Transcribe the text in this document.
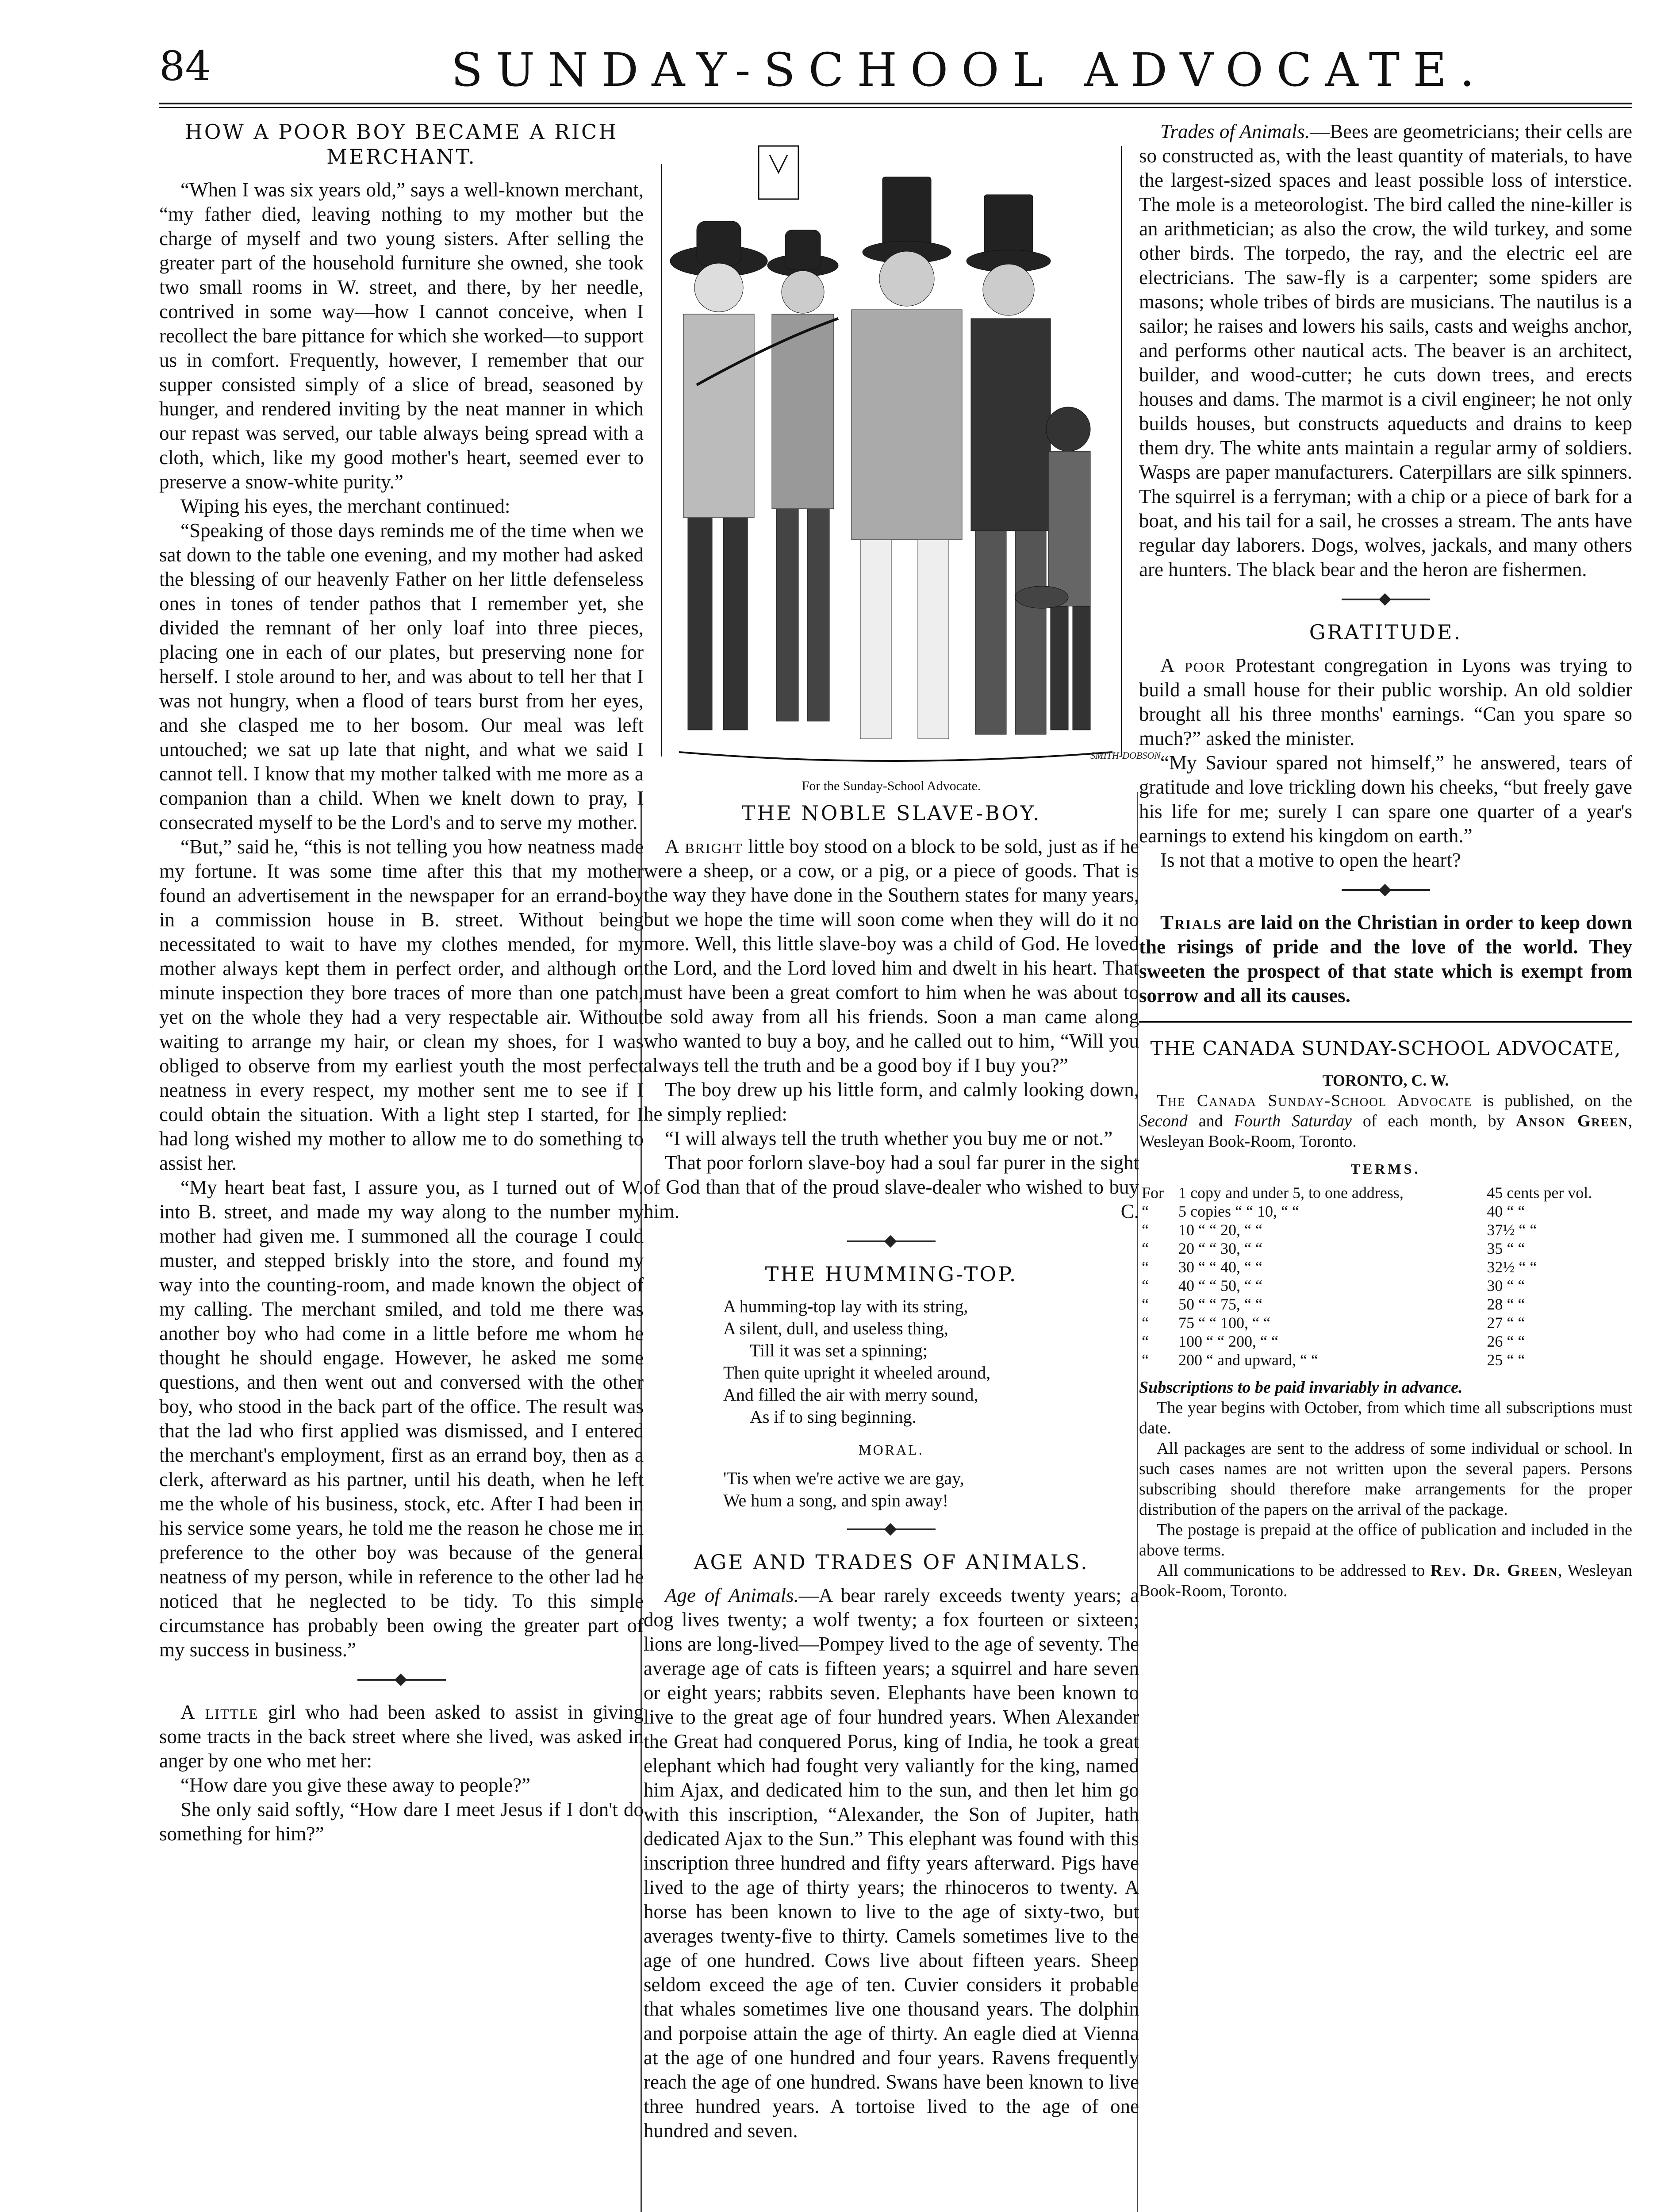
84	SUNDAY-SCHOOL ADVOCATE.
HOW A POOR BOY BECAME A RICH MERCHANT.

“When I was six years old,” says a well-known merchant, “my father died, leaving nothing to my mother but the charge of myself and two young sisters. After selling the greater part of the household furniture she owned, she took two small rooms in W. street, and there, by her needle, contrived in some way—how I cannot conceive, when I recollect the bare pittance for which she worked—to support us in comfort. Frequently, however, I remember that our supper consisted simply of a slice of bread, seasoned by hunger, and rendered inviting by the neat manner in which our repast was served, our table always being spread with a cloth, which, like my good mother's heart, seemed ever to preserve a snow-white purity.”

Wiping his eyes, the merchant continued:

“Speaking of those days reminds me of the time when we sat down to the table one evening, and my mother had asked the blessing of our heavenly Father on her little defenseless ones in tones of tender pathos that I remember yet, she divided the remnant of her only loaf into three pieces, placing one in each of our plates, but preserving none for herself. I stole around to her, and was about to tell her that I was not hungry, when a flood of tears burst from her eyes, and she clasped me to her bosom. Our meal was left untouched; we sat up late that night, and what we said I cannot tell. I know that my mother talked with me more as a companion than a child. When we knelt down to pray, I consecrated myself to be the Lord's and to serve my mother.

“But,” said he, “this is not telling you how neatness made my fortune. It was some time after this that my mother found an advertisement in the newspaper for an errand-boy in a commission house in B. street. Without being necessitated to wait to have my clothes mended, for my mother always kept them in perfect order, and although on minute inspection they bore traces of more than one patch, yet on the whole they had a very respectable air. Without waiting to arrange my hair, or clean my shoes, for I was obliged to observe from my earliest youth the most perfect neatness in every respect, my mother sent me to see if I could obtain the situation. With a light step I started, for I had long wished my mother to allow me to do something to assist her.

“My heart beat fast, I assure you, as I turned out of W. into B. street, and made my way along to the number my mother had given me. I summoned all the courage I could muster, and stepped briskly into the store, and found my way into the counting-room, and made known the object of my calling. The merchant smiled, and told me there was another boy who had come in a little before me whom he thought he should engage. However, he asked me some questions, and then went out and conversed with the other boy, who stood in the back part of the office. The result was that the lad who first applied was dismissed, and I entered the merchant's employment, first as an errand boy, then as a clerk, afterward as his partner, until his death, when he left me the whole of his business, stock, etc. After I had been in his service some years, he told me the reason he chose me in preference to the other boy was because of the general neatness of my person, while in reference to the other lad he noticed that he neglected to be tidy. To this simple circumstance has probably been owing the greater part of my success in business.”

A little girl who had been asked to assist in giving some tracts in the back street where she lived, was asked in anger by one who met her:

“How dare you give these away to people?”

She only said softly, “How dare I meet Jesus if I don't do something for him?”

SMITH-DOBSON
For the Sunday-School Advocate.
THE NOBLE SLAVE-BOY.

A bright little boy stood on a block to be sold, just as if he were a sheep, or a cow, or a pig, or a piece of goods. That is the way they have done in the Southern states for many years, but we hope the time will soon come when they will do it no more. Well, this little slave-boy was a child of God. He loved the Lord, and the Lord loved him and dwelt in his heart. That must have been a great comfort to him when he was about to be sold away from all his friends. Soon a man came along who wanted to buy a boy, and he called out to him, “Will you always tell the truth and be a good boy if I buy you?”

The boy drew up his little form, and calmly looking down, he simply replied:

“I will always tell the truth whether you buy me or not.”

That poor forlorn slave-boy had a soul far purer in the sight of God than that of the proud slave-dealer who wished to buy him.	C.

THE HUMMING-TOP.
A humming-top lay with its string,
A silent, dull, and useless thing,
Till it was set a spinning;
Then quite upright it wheeled around,
And filled the air with merry sound,
As if to sing beginning.
MORAL.
'Tis when we're active we are gay,
We hum a song, and spin away!
AGE AND TRADES OF ANIMALS.

Age of Animals.—A bear rarely exceeds twenty years; a dog lives twenty; a wolf twenty; a fox fourteen or sixteen; lions are long-lived—Pompey lived to the age of seventy. The average age of cats is fifteen years; a squirrel and hare seven or eight years; rabbits seven. Elephants have been known to live to the great age of four hundred years. When Alexander the Great had conquered Porus, king of India, he took a great elephant which had fought very valiantly for the king, named him Ajax, and dedicated him to the sun, and then let him go with this inscription, “Alexander, the Son of Jupiter, hath dedicated Ajax to the Sun.” This elephant was found with this inscription three hundred and fifty years afterward. Pigs have lived to the age of thirty years; the rhinoceros to twenty. A horse has been known to live to the age of sixty-two, but averages twenty-five to thirty. Camels sometimes live to the age of one hundred. Cows live about fifteen years. Sheep seldom exceed the age of ten. Cuvier considers it probable that whales sometimes live one thousand years. The dolphin and porpoise attain the age of thirty. An eagle died at Vienna at the age of one hundred and four years. Ravens frequently reach the age of one hundred. Swans have been known to live three hundred years. A tortoise lived to the age of one hundred and seven.

Trades of Animals.—Bees are geometricians; their cells are so constructed as, with the least quantity of materials, to have the largest-sized spaces and least possible loss of interstice. The mole is a meteorologist. The bird called the nine-killer is an arithmetician; as also the crow, the wild turkey, and some other birds. The torpedo, the ray, and the electric eel are electricians. The saw-fly is a carpenter; some spiders are masons; whole tribes of birds are musicians. The nautilus is a sailor; he raises and lowers his sails, casts and weighs anchor, and performs other nautical acts. The beaver is an architect, builder, and wood-cutter; he cuts down trees, and erects houses and dams. The marmot is a civil engineer; he not only builds houses, but constructs aqueducts and drains to keep them dry. The white ants maintain a regular army of soldiers. Wasps are paper manufacturers. Caterpillars are silk spinners. The squirrel is a ferryman; with a chip or a piece of bark for a boat, and his tail for a sail, he crosses a stream. The ants have regular day laborers. Dogs, wolves, jackals, and many others are hunters. The black bear and the heron are fishermen.

GRATITUDE.

A poor Protestant congregation in Lyons was trying to build a small house for their public worship. An old soldier brought all his three months' earnings. “Can you spare so much?” asked the minister.

“My Saviour spared not himself,” he answered, tears of gratitude and love trickling down his cheeks, “but freely gave his life for me; surely I can spare one quarter of a year's earnings to extend his kingdom on earth.”

Is not that a motive to open the heart?

Trials are laid on the Christian in order to keep down the risings of pride and the love of the world. They sweeten the prospect of that state which is exempt from sorrow and all its causes.

THE CANADA SUNDAY-SCHOOL ADVOCATE,
TORONTO, C. W.

The Canada Sunday-School Advocate is published, on the Second and Fourth Saturday of each month, by Anson Green, Wesleyan Book-Room, Toronto.

TERMS.
For	1 copy and under 5, to one address,	45 cents per vol.
“	5 copies “ “ 10, “ “	40 “ “
“	10 “ “ 20, “ “	37½ “ “
“	20 “ “ 30, “ “	35 “ “
“	30 “ “ 40, “ “	32½ “ “
“	40 “ “ 50, “ “	30 “ “
“	50 “ “ 75, “ “	28 “ “
“	75 “ “ 100, “ “	27 “ “
“	100 “ “ 200, “ “	26 “ “
“	200 “ and upward, “ “	25 “ “

Subscriptions to be paid invariably in advance.

The year begins with October, from which time all subscriptions must date.

All packages are sent to the address of some individual or school. In such cases names are not written upon the several papers. Persons subscribing should therefore make arrangements for the proper distribution of the papers on the arrival of the package.

The postage is prepaid at the office of publication and included in the above terms.

All communications to be addressed to Rev. Dr. Green, Wesleyan Book-Room, Toronto.
